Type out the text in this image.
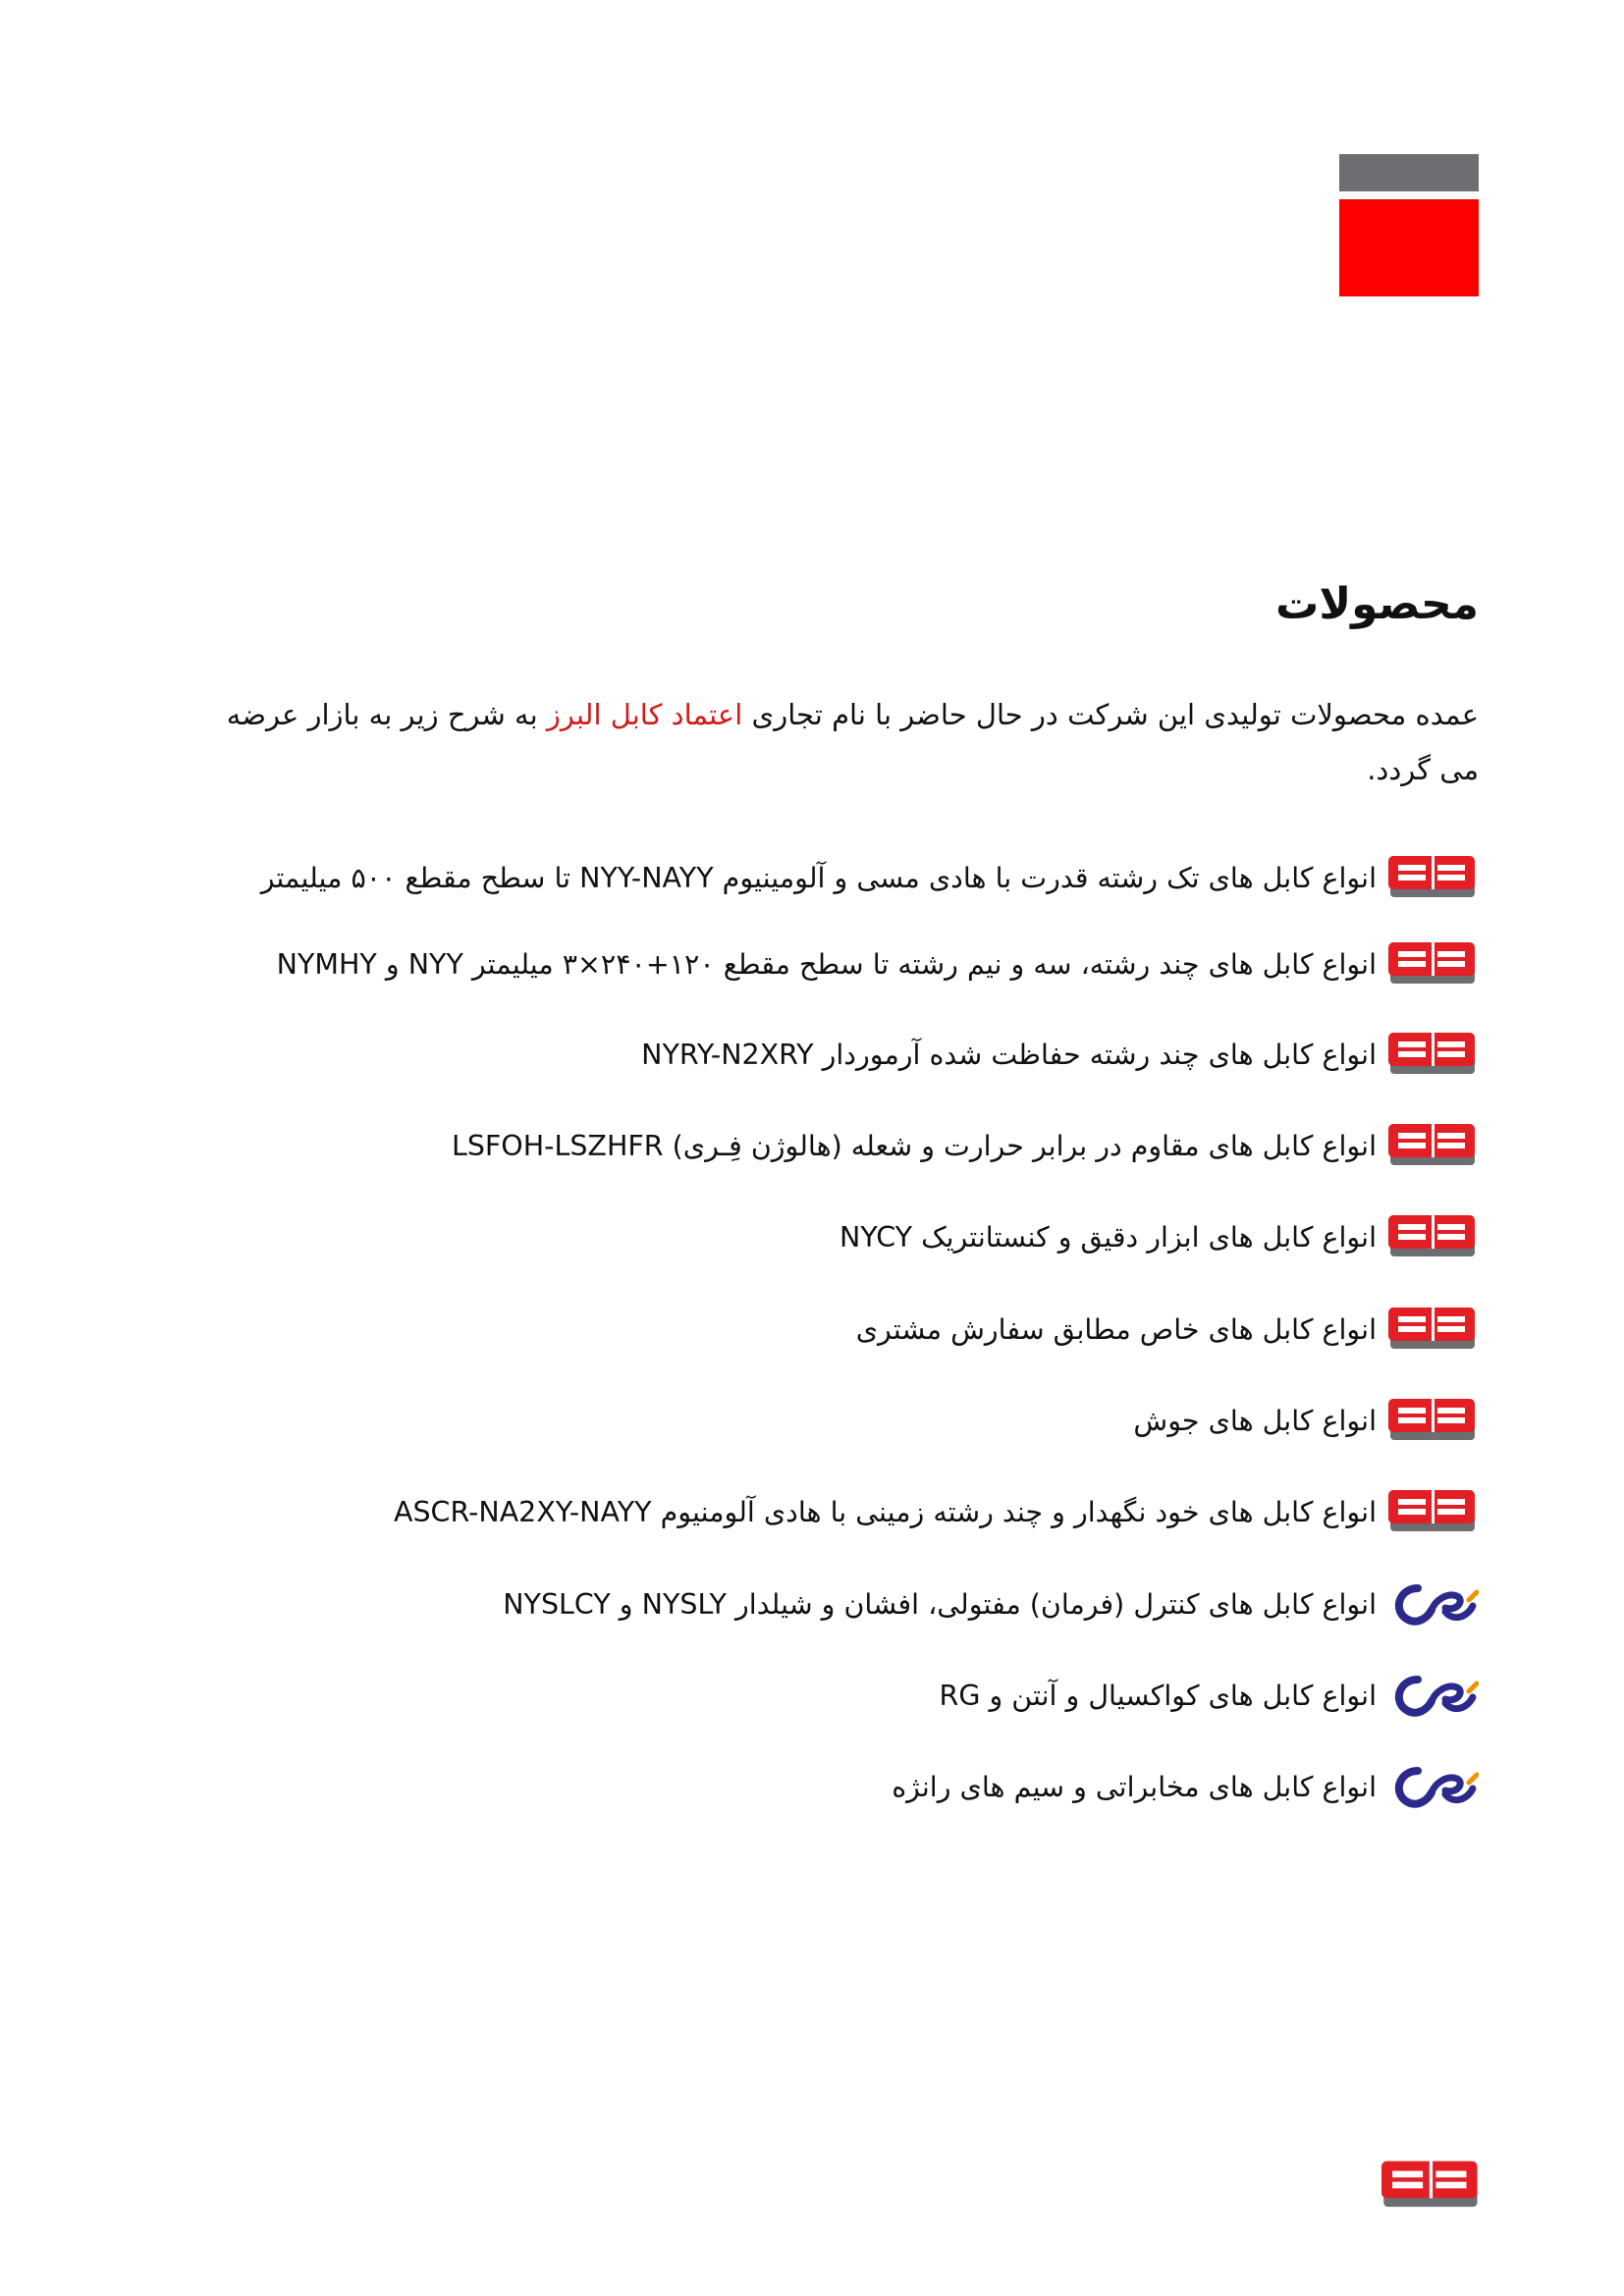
محصولات

عمده محصولات تولیدی این شرکت در حال حاضر با نام تجاری اعتماد کابل البرز به شرح زیر به بازار عرضه می گردد.

انواع کابل های تک رشته قدرت با هادی مسی و آلومینیوم NYY-NAYY تا سطح مقطع ۵۰۰ میلیمتر
انواع کابل های چند رشته، سه و نیم رشته تا سطح مقطع ۱۲۰+۲۴۰×۳ میلیمتر NYY و NYMHY
انواع کابل های چند رشته حفاظت شده آرموردار NYRY-N2XRY
انواع کابل های مقاوم در برابر حرارت و شعله (هالوژن فِـری) LSFOH-LSZHFR
انواع کابل های ابزار دقیق و کنستانتریک NYCY
انواع کابل های خاص مطابق سفارش مشتری
انواع کابل های جوش
انواع کابل های خود نگهدار و چند رشته زمینی با هادی آلومنیوم ASCR-NA2XY-NAYY
انواع کابل های کنترل (فرمان) مفتولی، افشان و شیلدار NYSLY و NYSLCY
انواع کابل های کواکسیال و آنتن و RG
انواع کابل های مخابراتی و سیم های رانژه
